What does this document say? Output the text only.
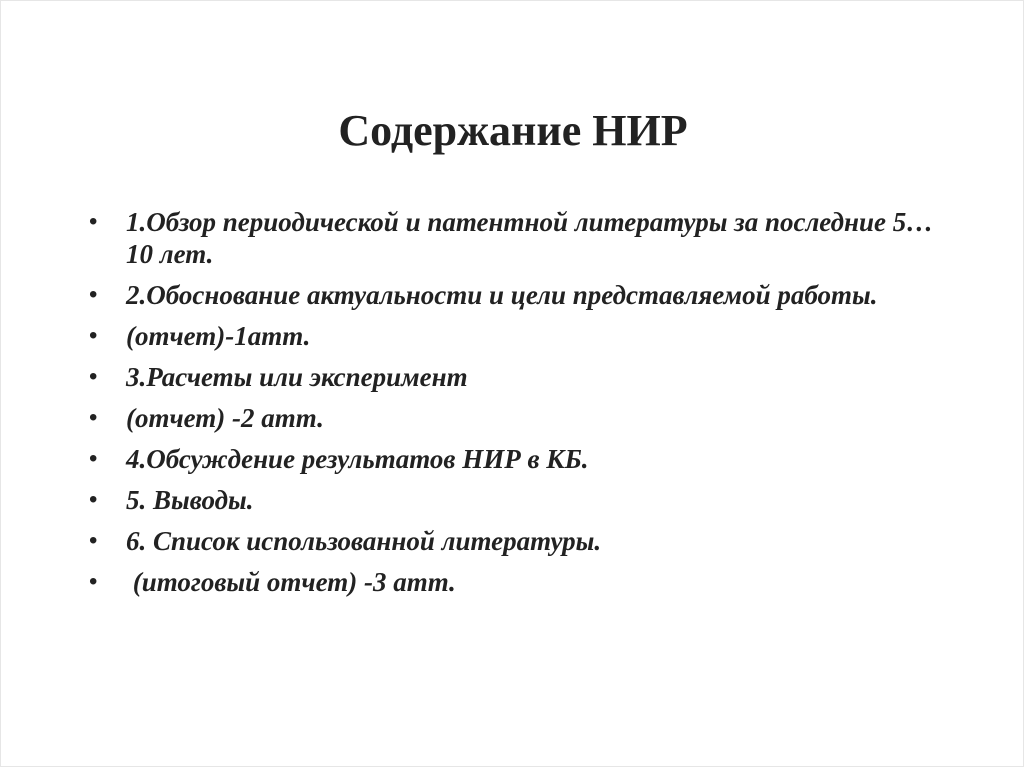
Содержание НИР
• 1.Обзор периодической и патентной литературы за последние 5…10 лет.
• 2.Обоснование актуальности и цели представляемой работы.
• (отчет)-1атт.
• 3.Расчеты или эксперимент
• (отчет) -2 атт.
• 4.Обсуждение результатов НИР в КБ.
• 5. Выводы.
• 6. Список использованной литературы.
• (итоговый отчет) -3 атт.
